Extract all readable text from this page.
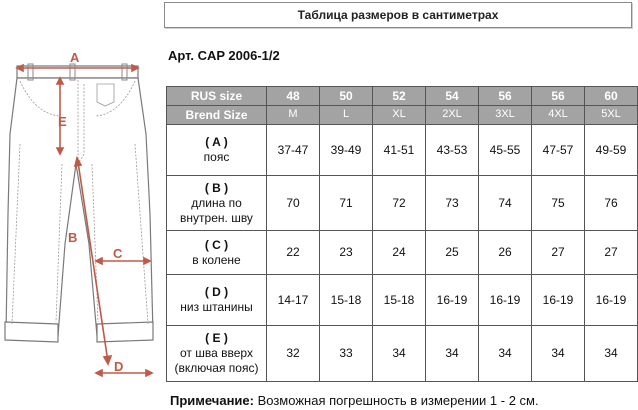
Таблица размеров в сантиметрах
Арт. CAP 2006-1/2
A
E
B
C
D
RUS size	48	50	52	54	56	56	60
Brend Size	M	L	XL	2XL	3XL	4XL	5XL

( A )
пояс	37-47	39-49	41-51	43-53	45-55	47-57	49-59

( B )
длина по
внутрен. шву	70	71	72	73	74	75	76

( C )
в колене	22	23	24	25	26	27	27

( D )
низ штанины	14-17	15-18	15-18	16-19	16-19	16-19	16-19

( E )
от шва вверх
(включая пояс)	32	33	34	34	34	34	34
Примечание: Возможная погрешность в измерении 1 - 2 см.
